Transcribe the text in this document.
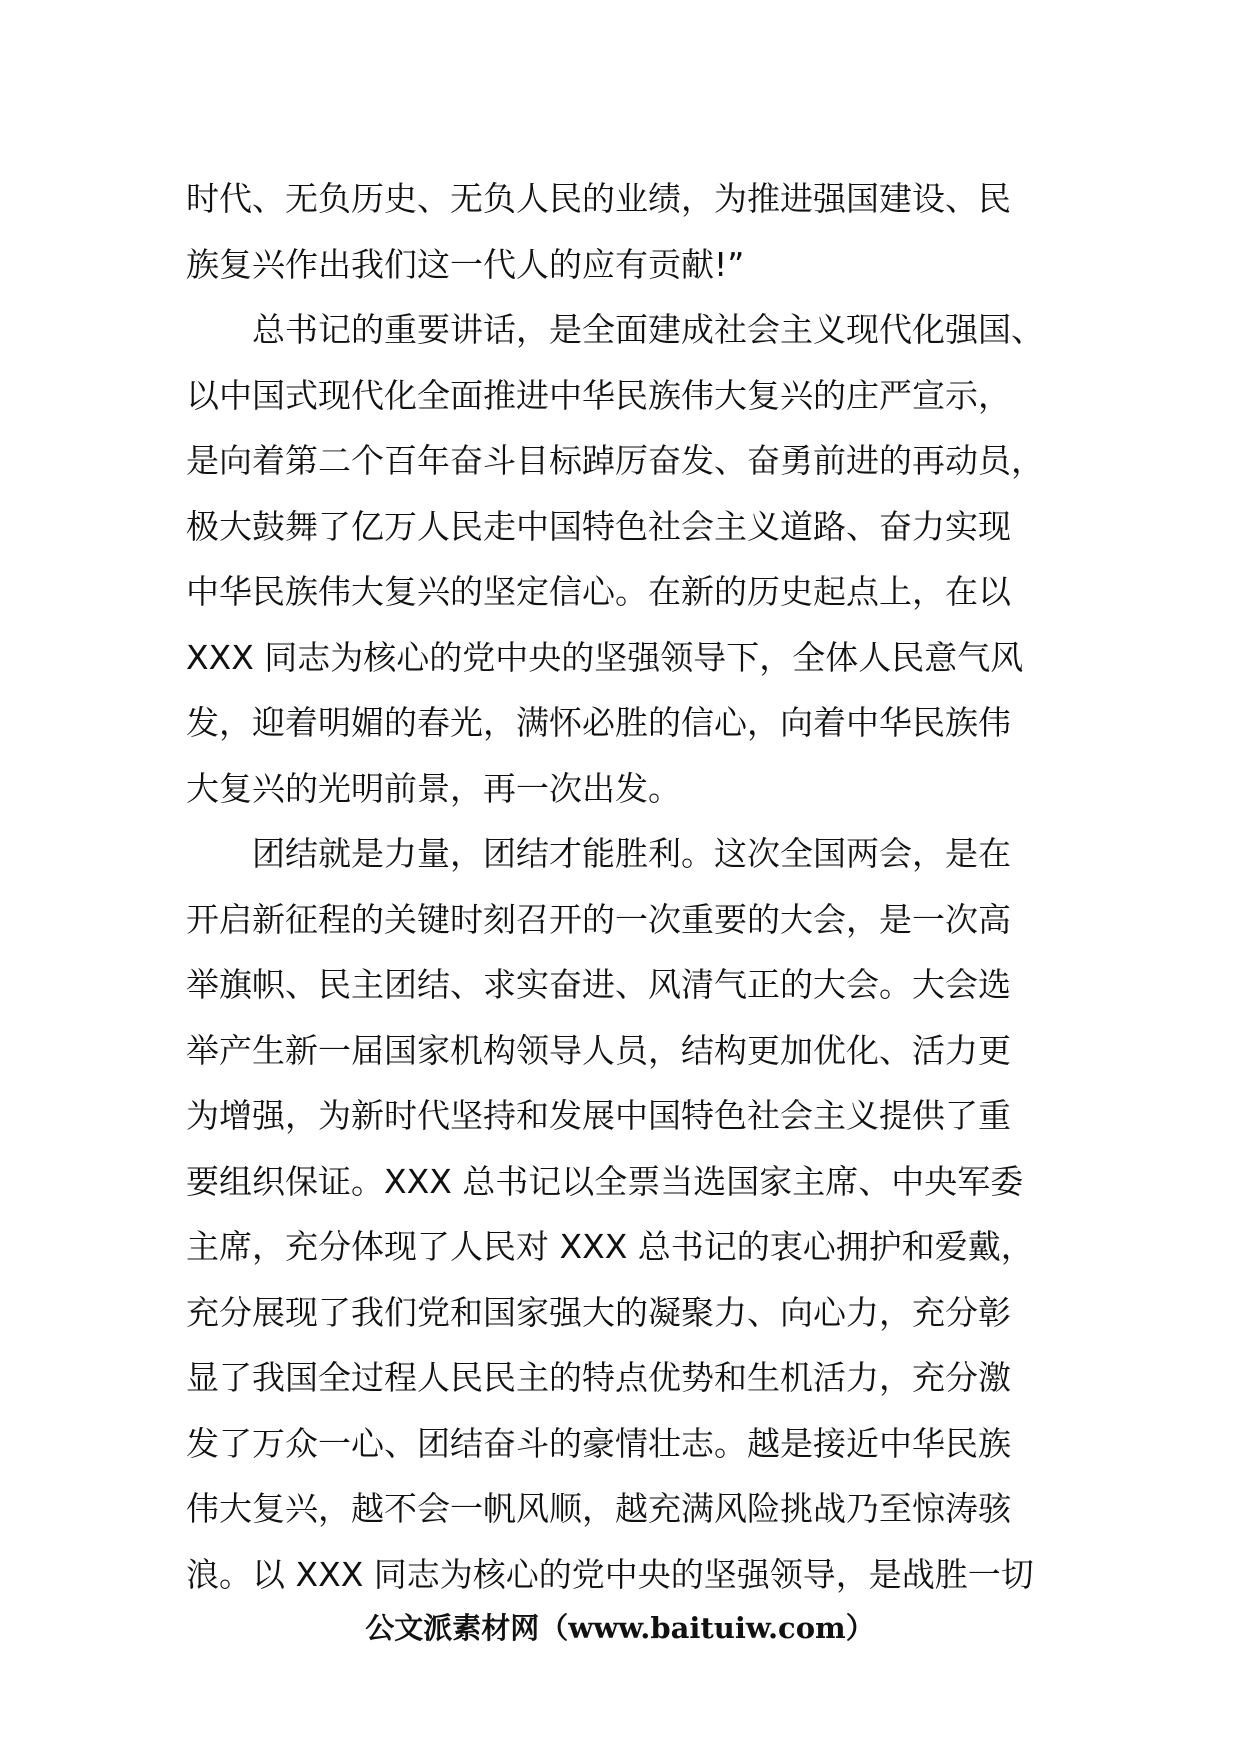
时代、无负历史、无负人民的业绩，为推进强国建设、民
族复兴作出我们这一代人的应有贡献!”
总书记的重要讲话，是全面建成社会主义现代化强国、
以中国式现代化全面推进中华民族伟大复兴的庄严宣示，
是向着第二个百年奋斗目标踔厉奋发、奋勇前进的再动员，
极大鼓舞了亿万人民走中国特色社会主义道路、奋力实现
中华民族伟大复兴的坚定信心。在新的历史起点上，在以
XXX 同志为核心的党中央的坚强领导下，全体人民意气风
发，迎着明媚的春光，满怀必胜的信心，向着中华民族伟
大复兴的光明前景，再一次出发。
团结就是力量，团结才能胜利。这次全国两会，是在
开启新征程的关键时刻召开的一次重要的大会，是一次高
举旗帜、民主团结、求实奋进、风清气正的大会。大会选
举产生新一届国家机构领导人员，结构更加优化、活力更
为增强，为新时代坚持和发展中国特色社会主义提供了重
要组织保证。XXX 总书记以全票当选国家主席、中央军委
主席，充分体现了人民对 XXX 总书记的衷心拥护和爱戴，
充分展现了我们党和国家强大的凝聚力、向心力，充分彰
显了我国全过程人民民主的特点优势和生机活力，充分激
发了万众一心、团结奋斗的豪情壮志。越是接近中华民族
伟大复兴，越不会一帆风顺，越充满风险挑战乃至惊涛骇
浪。以 XXX 同志为核心的党中央的坚强领导，是战胜一切
公文派素材网（www.baituiw.com）
